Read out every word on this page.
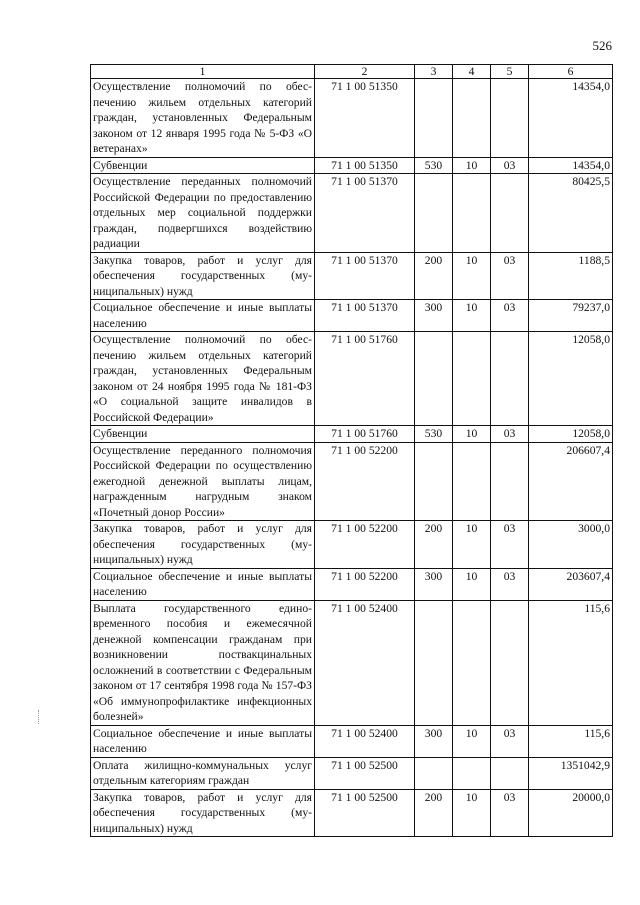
526
1	2	3	4	5	6
Осуществление полномочий по обеспечению жильем отдельных категорий граждан, установленных Федеральным законом от 12 января 1995 года № 5-ФЗ «О ветеранах»	71 1 00 51350				14354,0
Субвенции	71 1 00 51350	530	10	03	14354,0
Осуществление переданных полномочий Российской Федерации по предоставлению отдельных мер социальной поддержки граждан, подвергшихся воздействию радиации	71 1 00 51370				80425,5
Закупка товаров, работ и услуг для обеспечения государственных (муниципальных) нужд	71 1 00 51370	200	10	03	1188,5
Социальное обеспечение и иные выплаты населению	71 1 00 51370	300	10	03	79237,0
Осуществление полномочий по обеспечению жильем отдельных категорий граждан, установленных Федеральным законом от 24 ноября 1995 года № 181-ФЗ «О социальной защите инвалидов в Российской Федерации»	71 1 00 51760				12058,0
Субвенции	71 1 00 51760	530	10	03	12058,0
Осуществление переданного полномочия Российской Федерации по осуществлению ежегодной денежной выплаты лицам, награжденным нагрудным знаком «Почетный донор России»	71 1 00 52200				206607,4
Закупка товаров, работ и услуг для обеспечения государственных (муниципальных) нужд	71 1 00 52200	200	10	03	3000,0
Социальное обеспечение и иные выплаты населению	71 1 00 52200	300	10	03	203607,4
Выплата государственного единовременного пособия и ежемесячной денежной компенсации гражданам при возникновении поствакцинальных осложнений в соответствии с Федеральным законом от 17 сентября 1998 года № 157-ФЗ «Об иммунопрофилактике инфекционных болезней»	71 1 00 52400				115,6
Социальное обеспечение и иные выплаты населению	71 1 00 52400	300	10	03	115,6
Оплата жилищно-коммунальных услуг отдельным категориям граждан	71 1 00 52500				1351042,9
Закупка товаров, работ и услуг для обеспечения государственных (муниципальных) нужд	71 1 00 52500	200	10	03	20000,0
